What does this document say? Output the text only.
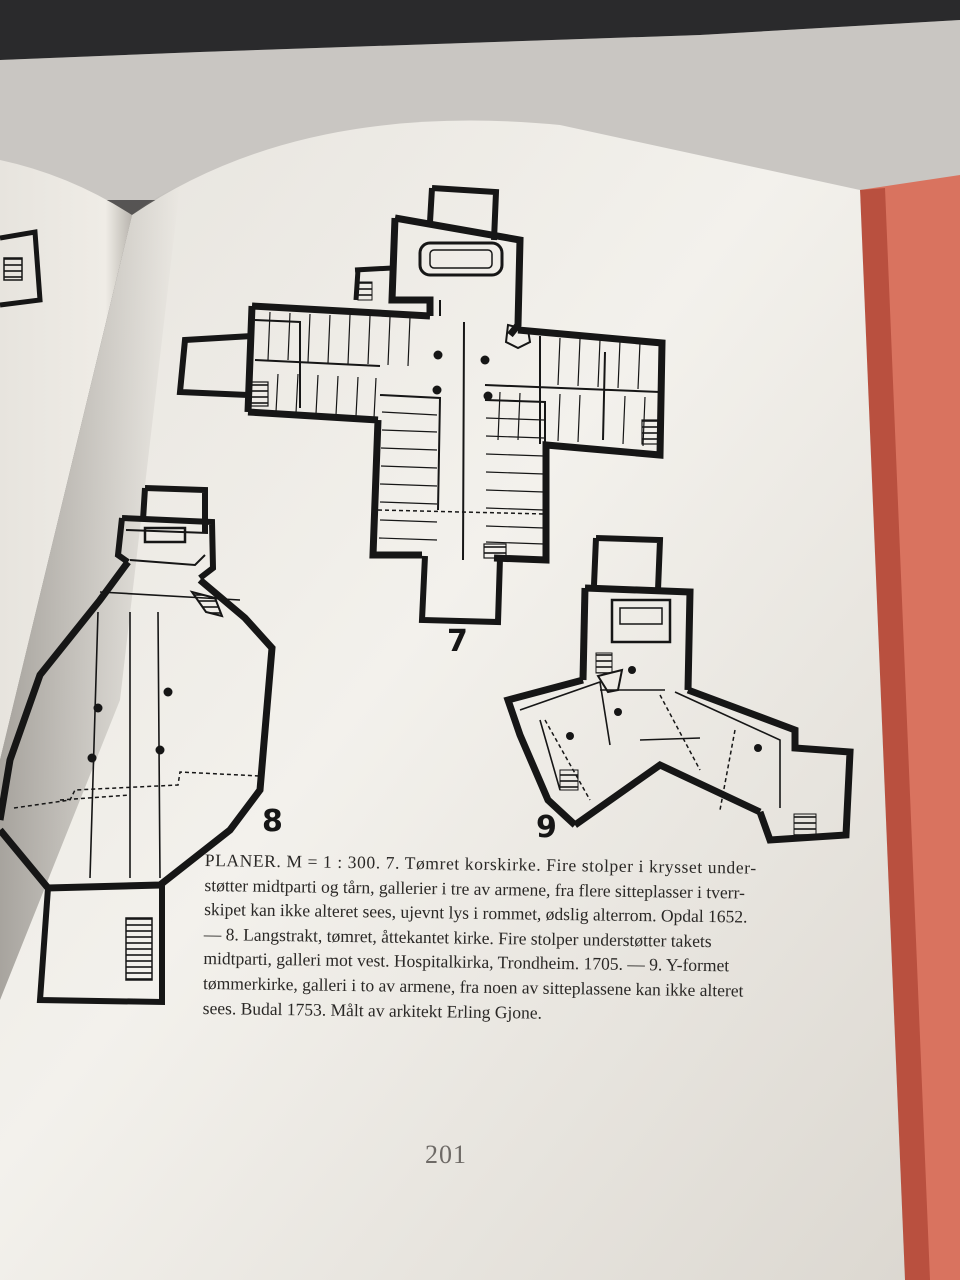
7
8	9
PLANER. M = 1 : 300. 7. Tømret korskirke. Fire stolper i krysset under-
støtter midtparti og tårn, gallerier i tre av armene, fra flere sitteplasser i tverr-
skipet kan ikke alteret sees, ujevnt lys i rommet, ødslig alterrom. Opdal 1652.
— 8. Langstrakt, tømret, åttekantet kirke. Fire stolper understøtter takets
midtparti, galleri mot vest. Hospitalkirka, Trondheim. 1705. — 9. Y-formet
tømmerkirke, galleri i to av armene, fra noen av sitteplassene kan ikke alteret
sees. Budal 1753. Målt av arkitekt Erling Gjone.
201
